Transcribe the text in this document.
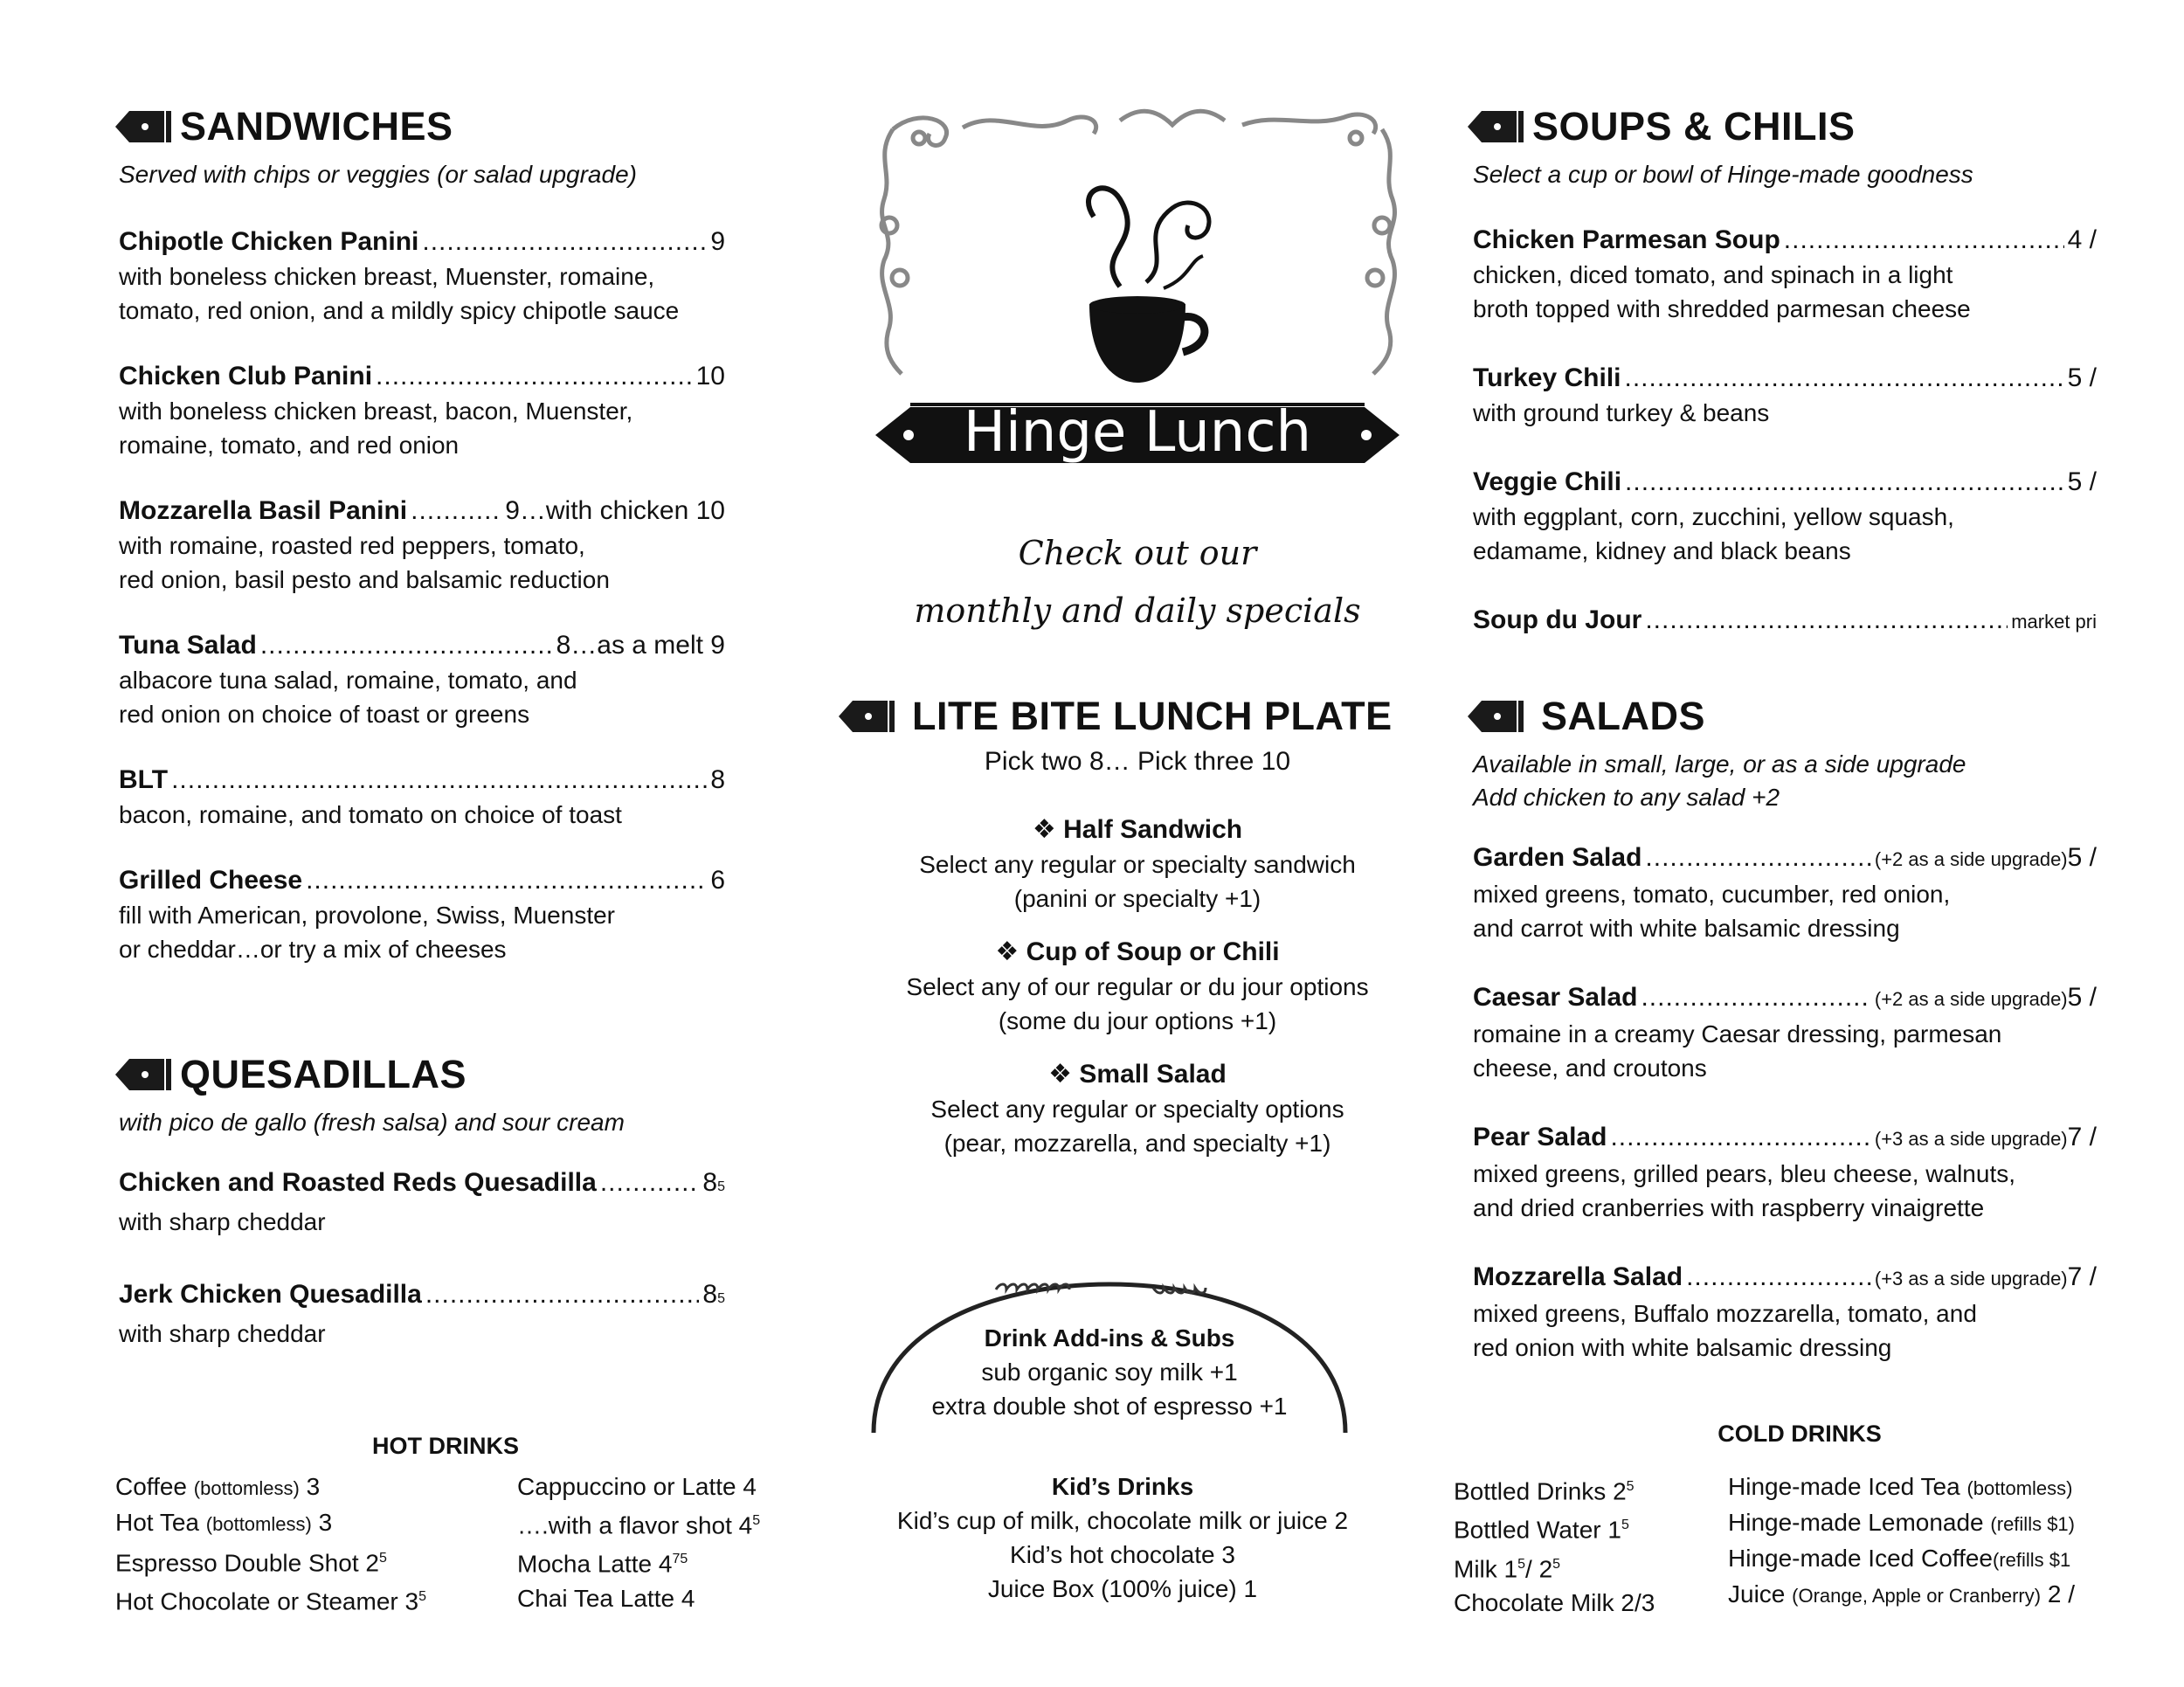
SANDWICHES
Served with chips or veggies (or salad upgrade)
Chipotle Chicken Panini .....	9
with boneless chicken breast, Muenster, romaine,
tomato, red onion, and a mildly spicy chipotle sauce
Chicken Club Panini .....	10
with boneless chicken breast, bacon, Muenster,
romaine, tomato, and red onion
Mozzarella Basil Panini .....	9…with chicken 10
with romaine, roasted red peppers, tomato,
red onion, basil pesto and balsamic reduction
Tuna Salad .....	8…as a melt 9
albacore tuna salad, romaine, tomato, and
red onion on choice of toast or greens
BLT .....	8
bacon, romaine, and tomato on choice of toast
Grilled Cheese .....	6
fill with American, provolone, Swiss, Muenster
or cheddar…or try a mix of cheeses
QUESADILLAS
with pico de gallo (fresh salsa) and sour cream
Chicken and Roasted Reds Quesadilla .....	8 5
with sharp cheddar
Jerk Chicken Quesadilla .....	8 5
with sharp cheddar
HOT DRINKS
Coffee (bottomless) 3
Hot Tea (bottomless) 3
Espresso Double Shot $2^5$
Hot Chocolate or Steamer $3^5$
Cappuccino or Latte 4
….with a flavor shot $4^5$
Mocha Latte $4^{75}$
Chai Tea Latte 4
Hinge Lunch
Check out our
monthly and daily specials
LITE BITE LUNCH PLATE
Pick two 8… Pick three 10
❖ Half Sandwich
Select any regular or specialty sandwich
(panini or specialty +1)
❖ Cup of Soup or Chili
Select any of our regular or du jour options
(some du jour options +1)
❖ Small Salad
Select any regular or specialty options
(pear, mozzarella, and specialty +1)
Drink Add-ins & Subs
sub organic soy milk +1
extra double shot of espresso +1
Kid’s Drinks
Kid’s cup of milk, chocolate milk or juice 2
Kid’s hot chocolate 3
Juice Box (100% juice) 1
SOUPS & CHILIS
Select a cup or bowl of Hinge-made goodness
Chicken Parmesan Soup .....	4 /
chicken, diced tomato, and spinach in a light
broth topped with shredded parmesan cheese
Turkey Chili .....	5 /
with ground turkey & beans
Veggie Chili .....	5 /
with eggplant, corn, zucchini, yellow squash,
edamame, kidney and black beans
Soup du Jour .....	market pri
SALADS
Available in small, large, or as a side upgrade
Add chicken to any salad +2
Garden Salad .....	(+2 as a side upgrade) 5 /
mixed greens, tomato, cucumber, red onion,
and carrot with white balsamic dressing
Caesar Salad .....	(+2 as a side upgrade) 5 /
romaine in a creamy Caesar dressing, parmesan
cheese, and croutons
Pear Salad .....	(+3 as a side upgrade) 7 /
mixed greens, grilled pears, bleu cheese, walnuts,
and dried cranberries with raspberry vinaigrette
Mozzarella Salad .....	(+3 as a side upgrade) 7 /
mixed greens, Buffalo mozzarella, tomato, and
red onion with white balsamic dressing
COLD DRINKS
Bottled Drinks $2^5$
Bottled Water $1^5$
Milk $1^5/$ $2^5$
Chocolate Milk 2/3
Hinge-made Iced Tea (bottomless)
Hinge-made Lemonade (refills $1)
Hinge-made Iced Coffee(refills $1
Juice (Orange, Apple or Cranberry) 2 /
